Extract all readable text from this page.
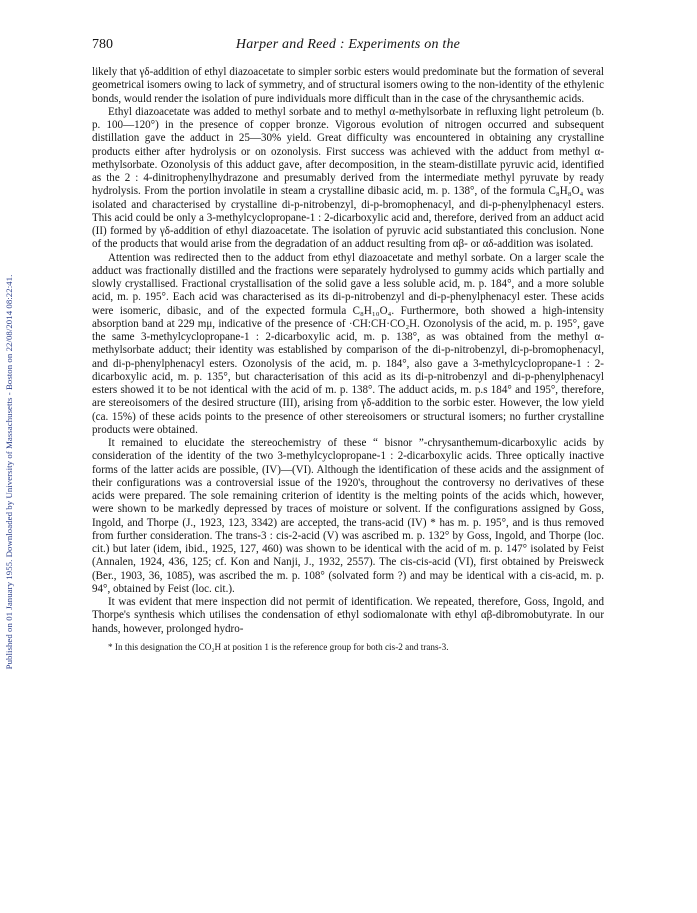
Published on 01 January 1955. Downloaded by University of Massachusetts - Boston on 22/08/2014 08:22:41.
780	Harper and Reed : Experiments on the

likely that γδ-addition of ethyl diazoacetate to simpler sorbic esters would predominate but the formation of several geometrical isomers owing to lack of symmetry, and of structural isomers owing to the non-identity of the ethylenic bonds, would render the isolation of pure individuals more difficult than in the case of the chrysanthemic acids.

Ethyl diazoacetate was added to methyl sorbate and to methyl α-methylsorbate in refluxing light petroleum (b. p. 100—120°) in the presence of copper bronze. Vigorous evolution of nitrogen occurred and subsequent distillation gave the adduct in 25—30% yield. Great difficulty was encountered in obtaining any crystalline products either after hydrolysis or on ozonolysis. First success was achieved with the adduct from methyl α-methylsorbate. Ozonolysis of this adduct gave, after decomposition, in the steam-distillate pyruvic acid, identified as the 2 : 4-dinitrophenylhydrazone and presumably derived from the intermediate methyl pyruvate by ready hydrolysis. From the portion involatile in steam a crystalline dibasic acid, m. p. 138°, of the formula C₈H₈O₄ was isolated and characterised by crystalline di-p-nitrobenzyl, di-p-bromophenacyl, and di-p-phenylphenacyl esters. This acid could be only a 3-methylcyclopropane-1 : 2-dicarboxylic acid and, therefore, derived from an adduct acid (II) formed by γδ-addition of ethyl diazoacetate. The isolation of pyruvic acid substantiated this conclusion. None of the products that would arise from the degradation of an adduct resulting from αβ- or αδ-addition was isolated.

Attention was redirected then to the adduct from ethyl diazoacetate and methyl sorbate. On a larger scale the adduct was fractionally distilled and the fractions were separately hydrolysed to gummy acids which partially and slowly crystallised. Fractional crystallisation of the solid gave a less soluble acid, m. p. 184°, and a more soluble acid, m. p. 195°. Each acid was characterised as its di-p-nitrobenzyl and di-p-phenylphenacyl ester. These acids were isomeric, dibasic, and of the expected formula C₈H₁₀O₄. Furthermore, both showed a high-intensity absorption band at 229 mμ, indicative of the presence of ·CH:CH·CO₂H. Ozonolysis of the acid, m. p. 195°, gave the same 3-methylcyclopropane-1 : 2-dicarboxylic acid, m. p. 138°, as was obtained from the methyl α-methylsorbate adduct; their identity was established by comparison of the di-p-nitrobenzyl, di-p-bromophenacyl, and di-p-phenylphenacyl esters. Ozonolysis of the acid, m. p. 184°, also gave a 3-methylcyclopropane-1 : 2-dicarboxylic acid, m. p. 135°, but characterisation of this acid as its di-p-nitrobenzyl and di-p-phenylphenacyl esters showed it to be not identical with the acid of m. p. 138°. The adduct acids, m. p.s 184° and 195°, therefore, are stereoisomers of the desired structure (III), arising from γδ-addition to the sorbic ester. However, the low yield (ca. 15%) of these acids points to the presence of other stereoisomers or structural isomers; no further crystalline products were obtained.

It remained to elucidate the stereochemistry of these “ bisnor ”-chrysanthemum-dicarboxylic acids by consideration of the identity of the two 3-methylcyclopropane-1 : 2-dicarboxylic acids. Three optically inactive forms of the latter acids are possible, (IV)—(VI). Although the identification of these acids and the assignment of their configurations was a controversial issue of the 1920's, throughout the controversy no derivatives of these acids were prepared. The sole remaining criterion of identity is the melting points of the acids which, however, were shown to be markedly depressed by traces of moisture or solvent. If the configurations assigned by Goss, Ingold, and Thorpe (J., 1923, 123, 3342) are accepted, the trans-acid (IV) * has m. p. 195°, and is thus removed from further consideration. The trans-3 : cis-2-acid (V) was ascribed m. p. 132° by Goss, Ingold, and Thorpe (loc. cit.) but later (idem, ibid., 1925, 127, 460) was shown to be identical with the acid of m. p. 147° isolated by Feist (Annalen, 1924, 436, 125; cf. Kon and Nanji, J., 1932, 2557). The cis-cis-acid (VI), first obtained by Preisweck (Ber., 1903, 36, 1085), was ascribed the m. p. 108° (solvated form ?) and may be identical with a cis-acid, m. p. 94°, obtained by Feist (loc. cit.).

It was evident that mere inspection did not permit of identification. We repeated, therefore, Goss, Ingold, and Thorpe's synthesis which utilises the condensation of ethyl sodiomalonate with ethyl αβ-dibromobutyrate. In our hands, however, prolonged hydro-

* In this designation the CO₂H at position 1 is the reference group for both cis-2 and trans-3.
